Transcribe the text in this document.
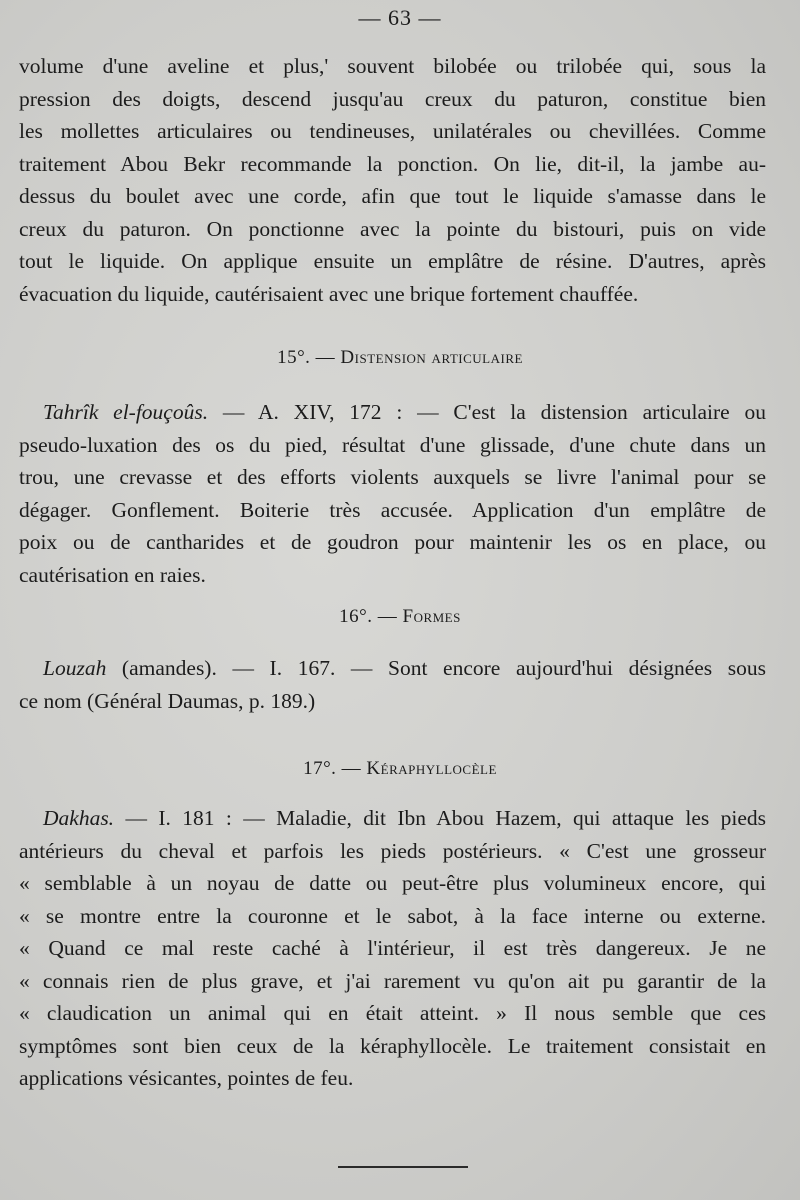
— 63 —
volume d'une aveline et plus,' souvent bilobée ou trilobée qui, sous la
pression des doigts, descend jusqu'au creux du paturon, constitue bien
les mollettes articulaires ou tendineuses, unilatérales ou chevillées. Comme
traitement Abou Bekr recommande la ponction. On lie, dit-il, la jambe au-
dessus du boulet avec une corde, afin que tout le liquide s'amasse dans le
creux du paturon. On ponctionne avec la pointe du bistouri, puis on vide
tout le liquide. On applique ensuite un emplâtre de résine. D'autres, après
évacuation du liquide, cautérisaient avec une brique fortement chauffée.
15°. — Distension articulaire
Tahrîk el-fouçoûs. — A. XIV, 172 : — C'est la distension articulaire ou
pseudo-luxation des os du pied, résultat d'une glissade, d'une chute dans un
trou, une crevasse et des efforts violents auxquels se livre l'animal pour se
dégager. Gonflement. Boiterie très accusée. Application d'un emplâtre de
poix ou de cantharides et de goudron pour maintenir les os en place, ou
cautérisation en raies.
16°. — Formes
Louzah (amandes). — I. 167. — Sont encore aujourd'hui désignées sous
ce nom (Général Daumas, p. 189.)
17°. — Kéraphyllocèle
Dakhas. — I. 181 : — Maladie, dit Ibn Abou Hazem, qui attaque les pieds
antérieurs du cheval et parfois les pieds postérieurs. « C'est une grosseur
« semblable à un noyau de datte ou peut-être plus volumineux encore, qui
« se montre entre la couronne et le sabot, à la face interne ou externe.
« Quand ce mal reste caché à l'intérieur, il est très dangereux. Je ne
« connais rien de plus grave, et j'ai rarement vu qu'on ait pu garantir de la
« claudication un animal qui en était atteint. » Il nous semble que ces
symptômes sont bien ceux de la kéraphyllocèle. Le traitement consistait en
applications vésicantes, pointes de feu.
